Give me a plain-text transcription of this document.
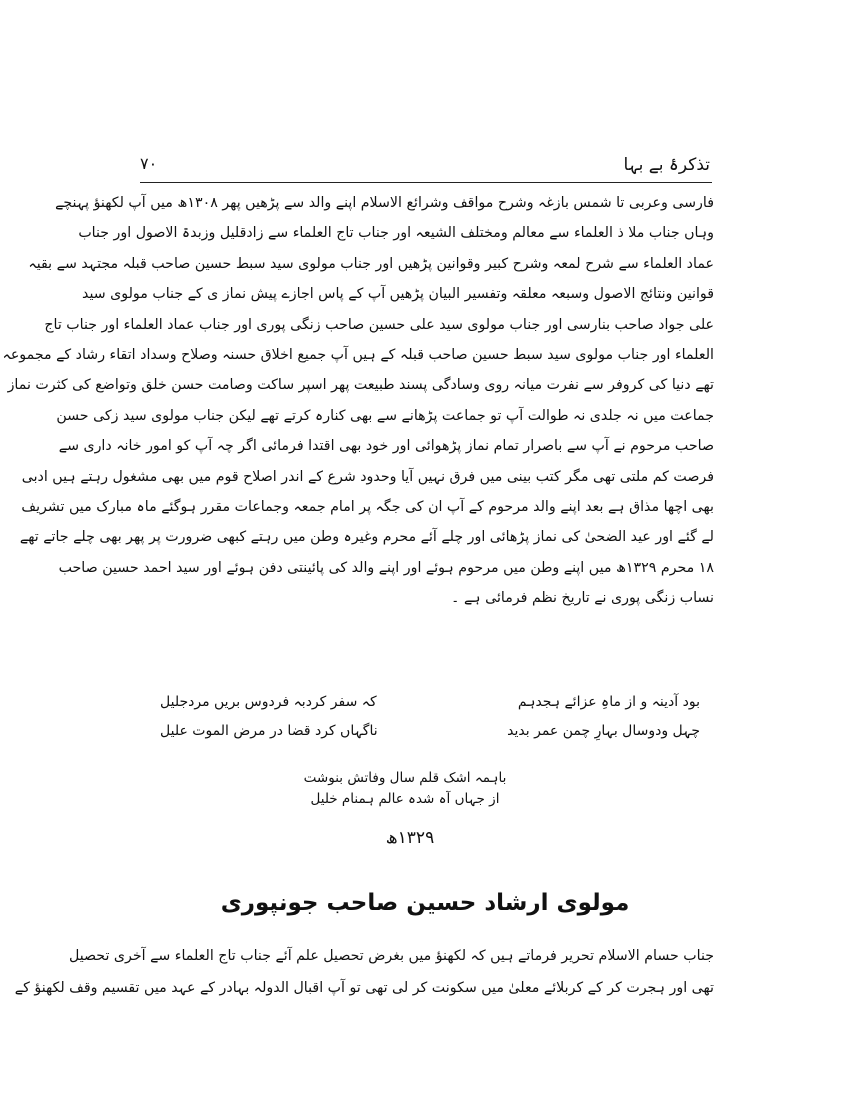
تذکرۂ بے بہا
۷۰
فارسی وعربی تا شمس بازغہ وشرح مواقف وشرائع الاسلام اپنے والد سے پڑھیں پھر ۱۳۰۸ھ میں آپ لکھنؤ پہنچے
وہاں جناب ملا ذ العلماء سے معالم ومختلف الشیعہ اور جناب تاج العلماء سے زادقلیل وزبدۃ الاصول اور جناب
عماد العلماء سے شرح لمعہ وشرح کبیر وقوانین پڑھیں اور جناب مولوی سید سبط حسین صاحب قبلہ مجتہد سے بقیہ
قوانین ونتائج الاصول وسبعہ معلقہ وتفسیر البیان پڑھیں آپ کے پاس اجازے پیش نماز ی کے جناب مولوی سید
علی جواد صاحب بنارسی اور جناب مولوی سید علی حسین صاحب زنگی پوری اور جناب عماد العلماء اور جناب تاج
العلماء اور جناب مولوی سید سبط حسین صاحب قبلہ کے ہیں آپ جمیع اخلاق حسنہ وصلاح وسداد اتقاء رشاد کے مجموعہ
تھے دنیا کی کروفر سے نفرت میانہ روی وسادگی پسند طبیعت پھر اسپر ساکت وصامت حسن خلق وتواضع کی کثرت نماز
جماعت میں نہ جلدی نہ طوالت آپ تو جماعت پڑھانے سے بھی کنارہ کرتے تھے لیکن جناب مولوی سید زکی حسن
صاحب مرحوم نے آپ سے باصرار تمام نماز پڑھوائی اور خود بھی اقتدا فرمائی اگر چہ آپ کو امور خانہ داری سے
فرصت کم ملتی تھی مگر کتب بینی میں فرق نہیں آیا وحدود شرع کے اندر اصلاح قوم میں بھی مشغول رہتے ہیں ادبی
بھی اچھا مذاق ہے بعد اپنے والد مرحوم کے آپ ان کی جگہ پر امام جمعہ وجماعات مقرر ہوگئے ماہ مبارک میں تشریف
لے گئے اور عید الضحیٰ کی نماز پڑھائی اور چلے آئے محرم وغیرہ وطن میں رہتے کبھی ضرورت پر پھر بھی چلے جاتے تھے
۱۸ محرم ۱۳۲۹ھ میں اپنے وطن میں مرحوم ہوئے اور اپنے والد کی پائینتی دفن ہوئے اور سید احمد حسین صاحب
نساب زنگی پوری نے تاریخ نظم فرمائی ہے ۔
بود آدینہ و از ماہِ عزائے ہجدہم
کہ سفر کردبہ فردوس بریں مردجلیل
چہل ودوسال بہارِ چمن عمر بدید
ناگہاں کرد قضا در مرض الموت علیل
باہمہ اشک قلم سال وفاتش بنوشت
از جہاں آہ شدہ عالم ہمنام خلیل
۱۳۲۹ھ
مولوی ارشاد حسین صاحب جونپوری
جناب حسام الاسلام تحریر فرماتے ہیں کہ لکھنؤ میں بغرض تحصیل علم آئے جناب تاج العلماء سے آخری تحصیل
تھی اور ہجرت کر کے کربلائے معلیٰ میں سکونت کر لی تھی تو آپ اقبال الدولہ بہادر کے عہد میں تقسیم وقف لکھنؤ کے
